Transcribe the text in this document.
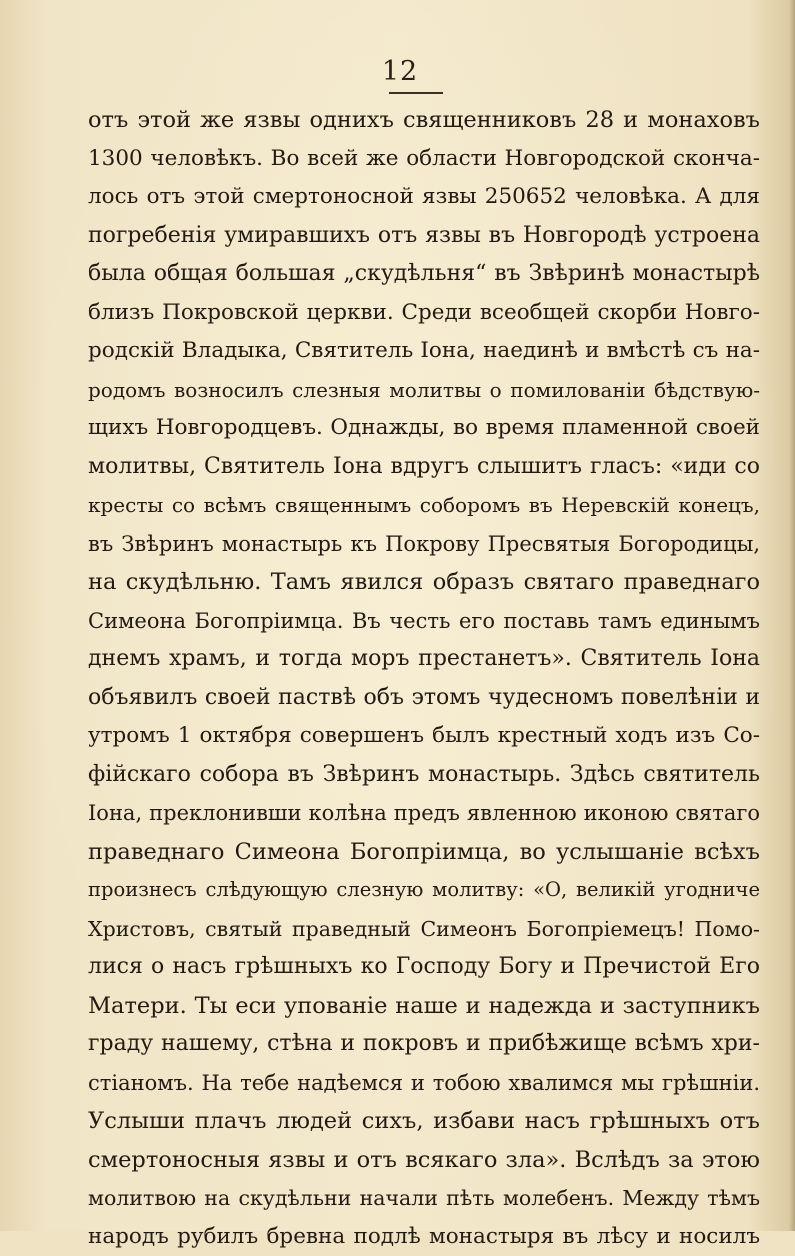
12
отъ этой же язвы однихъ священниковъ 28 и монаховъ
1300 человѣкъ. Во всей же области Новгородской сконча-
лось отъ этой смертоносной язвы 250652 человѣка. А для
погребенія умиравшихъ отъ язвы въ Новгородѣ устроена
была общая большая „скудѣльня“ въ Звѣринѣ монастырѣ
близъ Покровской церкви. Среди всеобщей скорби Новго-
родскій Владыка, Святитель Іона, наединѣ и вмѣстѣ съ на-
родомъ возносилъ слезныя молитвы о помилованіи бѣдствую-
щихъ Новгородцевъ. Однажды, во время пламенной своей
молитвы, Святитель Іона вдругъ слышитъ гласъ: «иди со
кресты со всѣмъ священнымъ соборомъ въ Неревскій конецъ,
въ Звѣринъ монастырь къ Покрову Пресвятыя Богородицы,
на скудѣльню. Тамъ явился образъ святаго праведнаго
Симеона Богопріимца. Въ честь его поставь тамъ единымъ
днемъ храмъ, и тогда моръ престанетъ». Святитель Іона
объявилъ своей паствѣ объ этомъ чудесномъ повелѣніи и
утромъ 1 октября совершенъ былъ крестный ходъ изъ Со-
фійскаго собора въ Звѣринъ монастырь. Здѣсь святитель
Іона, преклонивши колѣна предъ явленною иконою святаго
праведнаго Симеона Богопріимца, во услышаніе всѣхъ
произнесъ слѣдующую слезную молитву: «О, великій угодниче
Христовъ, святый праведный Симеонъ Богопріемецъ! Помо-
лися о насъ грѣшныхъ ко Господу Богу и Пречистой Его
Матери. Ты еси упованіе наше и надежда и заступникъ
граду нашему, стѣна и покровъ и прибѣжище всѣмъ хри-
стіаномъ. На тебе надѣемся и тобою хвалимся мы грѣшніи.
Услыши плачъ людей сихъ, избави насъ грѣшныхъ отъ
смертоносныя язвы и отъ всякаго зла». Вслѣдъ за этою
молитвою на скудѣльни начали пѣть молебенъ. Между тѣмъ
народъ рубилъ бревна подлѣ монастыря въ лѣсу и носилъ
